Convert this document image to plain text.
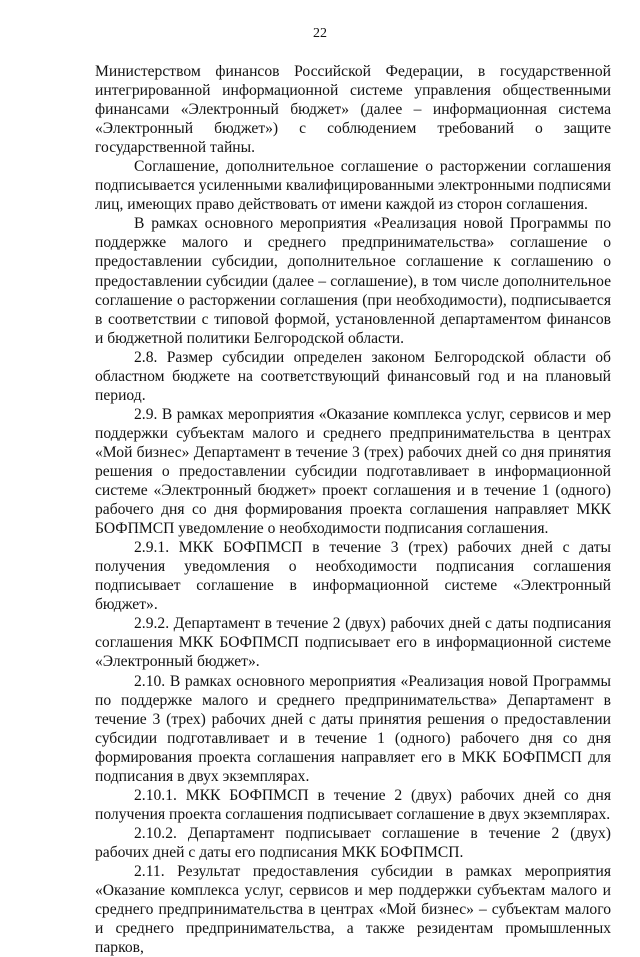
22

Министерством финансов Российской Федерации, в государственной интегрированной информационной системе управления общественными финансами «Электронный бюджет» (далее – информационная система «Электронный бюджет») с соблюдением требований о защите государственной тайны.

Соглашение, дополнительное соглашение о расторжении соглашения подписывается усиленными квалифицированными электронными подписями лиц, имеющих право действовать от имени каждой из сторон соглашения.

В рамках основного мероприятия «Реализация новой Программы по поддержке малого и среднего предпринимательства» соглашение о предоставлении субсидии, дополнительное соглашение к соглашению о предоставлении субсидии (далее – соглашение), в том числе дополнительное соглашение о расторжении соглашения (при необходимости), подписывается в соответствии с типовой формой, установленной департаментом финансов и бюджетной политики Белгородской области.

2.8. Размер субсидии определен законом Белгородской области об областном бюджете на соответствующий финансовый год и на плановый период.

2.9. В рамках мероприятия «Оказание комплекса услуг, сервисов и мер поддержки субъектам малого и среднего предпринимательства в центрах «Мой бизнес» Департамент в течение 3 (трех) рабочих дней со дня принятия решения о предоставлении субсидии подготавливает в информационной системе «Электронный бюджет» проект соглашения и в течение 1 (одного) рабочего дня со дня формирования проекта соглашения направляет МКК БОФПМСП уведомление о необходимости подписания соглашения.

2.9.1. МКК БОФПМСП в течение 3 (трех) рабочих дней с даты получения уведомления о необходимости подписания соглашения подписывает соглашение в информационной системе «Электронный бюджет».

2.9.2. Департамент в течение 2 (двух) рабочих дней с даты подписания соглашения МКК БОФПМСП подписывает его в информационной системе «Электронный бюджет».

2.10. В рамках основного мероприятия «Реализация новой Программы по поддержке малого и среднего предпринимательства» Департамент в течение 3 (трех) рабочих дней с даты принятия решения о предоставлении субсидии подготавливает и в течение 1 (одного) рабочего дня со дня формирования проекта соглашения направляет его в МКК БОФПМСП для подписания в двух экземплярах.

2.10.1. МКК БОФПМСП в течение 2 (двух) рабочих дней со дня получения проекта соглашения подписывает соглашение в двух экземплярах.

2.10.2. Департамент подписывает соглашение в течение 2 (двух) рабочих дней с даты его подписания МКК БОФПМСП.

2.11. Результат предоставления субсидии в рамках мероприятия «Оказание комплекса услуг, сервисов и мер поддержки субъектам малого и среднего предпринимательства в центрах «Мой бизнес» – субъектам малого и среднего предпринимательства, а также резидентам промышленных парков,
